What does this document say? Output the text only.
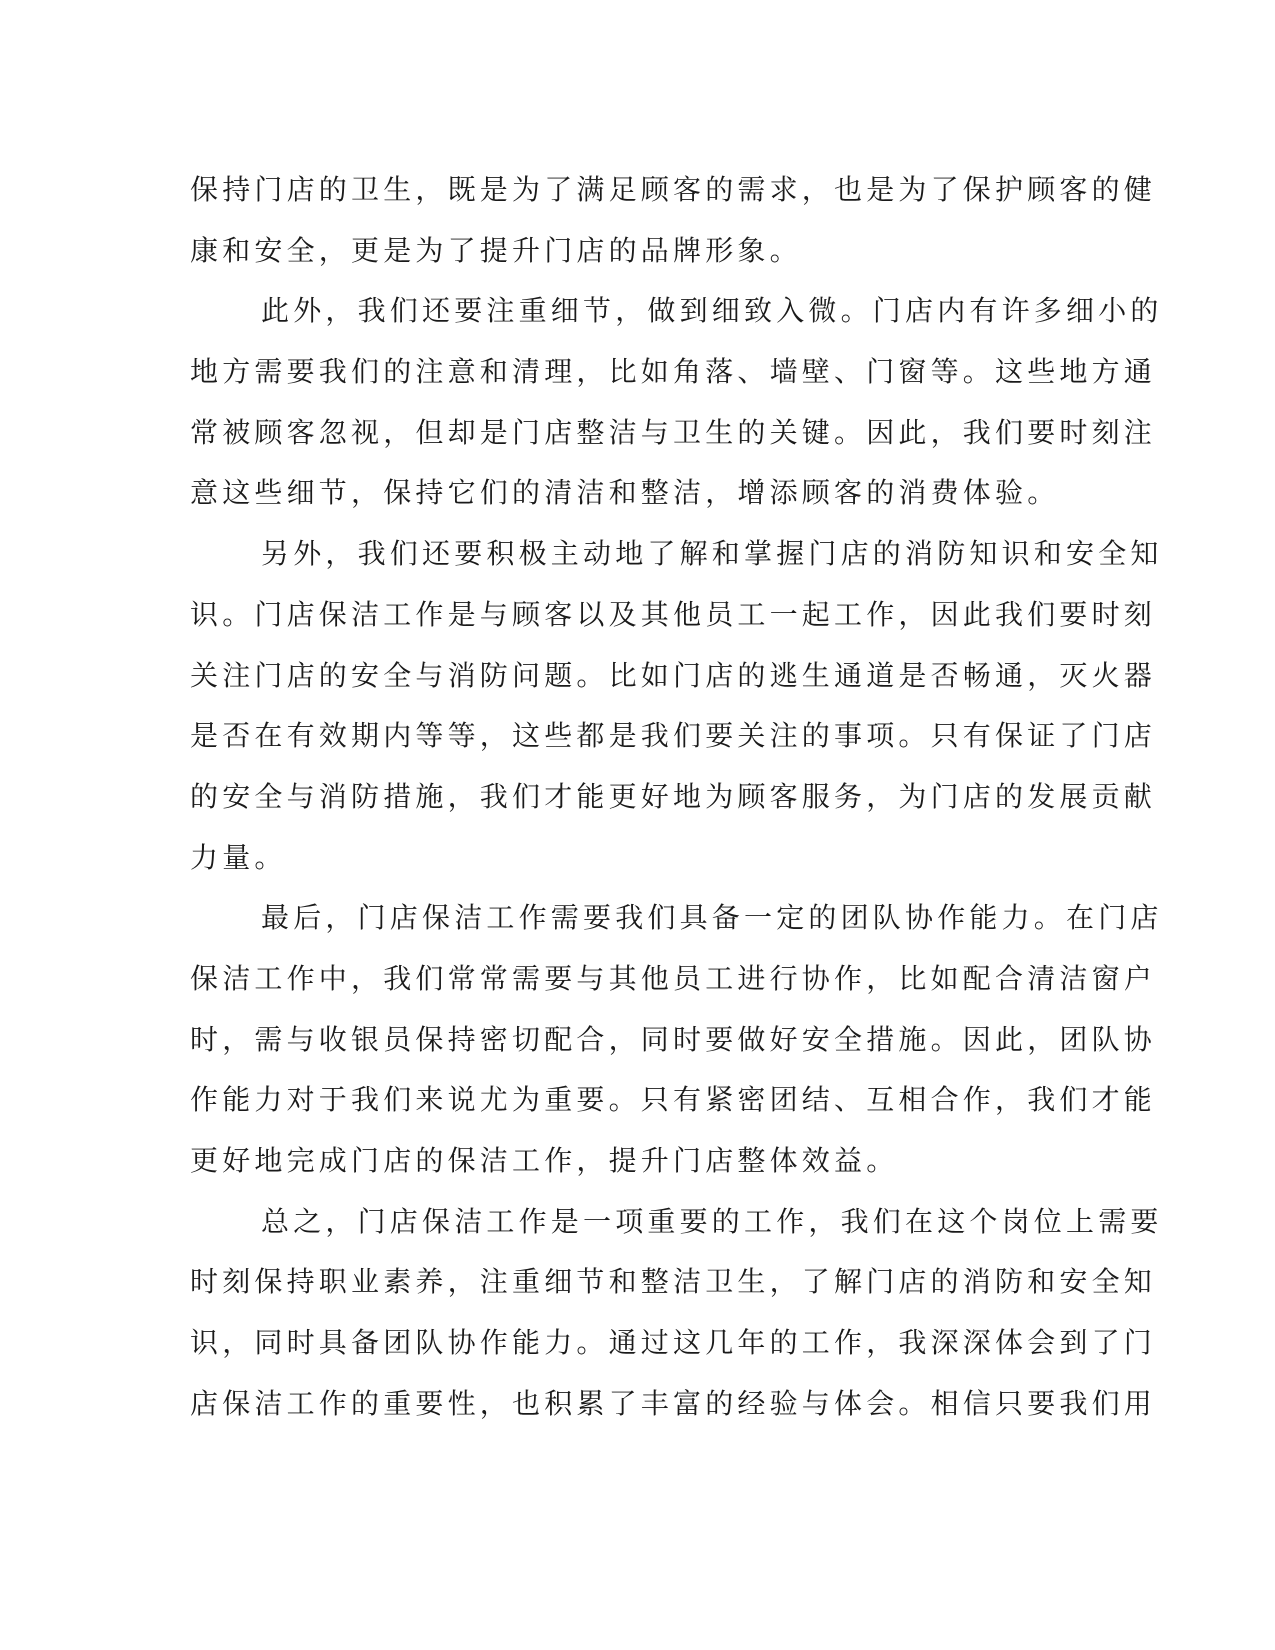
保持门店的卫生，既是为了满足顾客的需求，也是为了保护顾客的健
康和安全，更是为了提升门店的品牌形象。
此外，我们还要注重细节，做到细致入微。门店内有许多细小的
地方需要我们的注意和清理，比如角落、墙壁、门窗等。这些地方通
常被顾客忽视，但却是门店整洁与卫生的关键。因此，我们要时刻注
意这些细节，保持它们的清洁和整洁，增添顾客的消费体验。
另外，我们还要积极主动地了解和掌握门店的消防知识和安全知
识。门店保洁工作是与顾客以及其他员工一起工作，因此我们要时刻
关注门店的安全与消防问题。比如门店的逃生通道是否畅通，灭火器
是否在有效期内等等，这些都是我们要关注的事项。只有保证了门店
的安全与消防措施，我们才能更好地为顾客服务，为门店的发展贡献
力量。
最后，门店保洁工作需要我们具备一定的团队协作能力。在门店
保洁工作中，我们常常需要与其他员工进行协作，比如配合清洁窗户
时，需与收银员保持密切配合，同时要做好安全措施。因此，团队协
作能力对于我们来说尤为重要。只有紧密团结、互相合作，我们才能
更好地完成门店的保洁工作，提升门店整体效益。
总之，门店保洁工作是一项重要的工作，我们在这个岗位上需要
时刻保持职业素养，注重细节和整洁卫生，了解门店的消防和安全知
识，同时具备团队协作能力。通过这几年的工作，我深深体会到了门
店保洁工作的重要性，也积累了丰富的经验与体会。相信只要我们用
